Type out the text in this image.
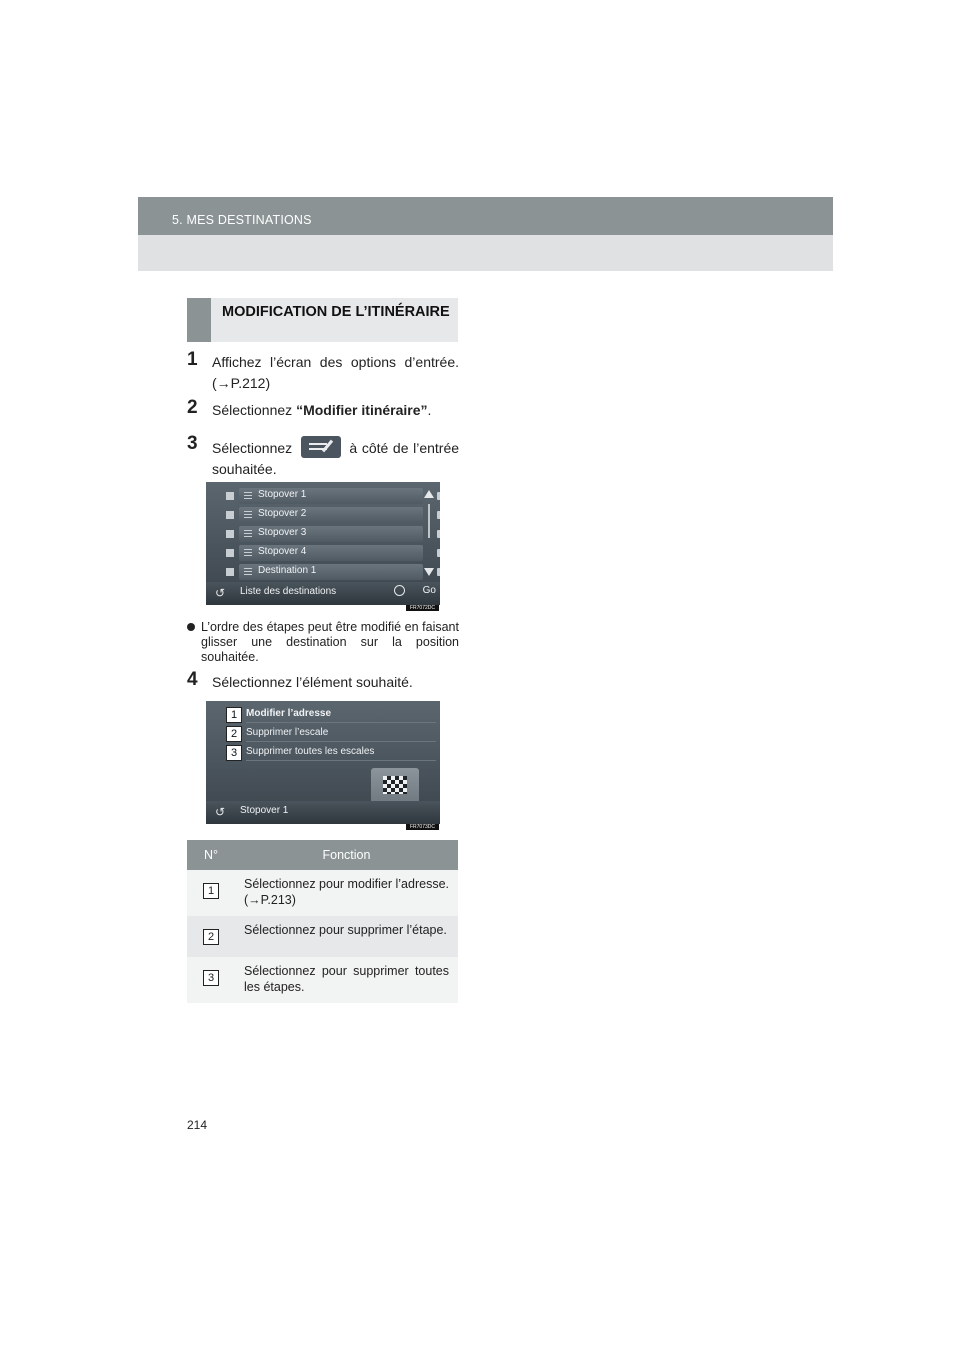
5. MES DESTINATIONS
MODIFICATION DE L’ITINÉRAIRE
1	Affichez l’écran des options d’entrée. (→P.212)
2	Sélectionnez “Modifier itinéraire”.
3	Sélectionnez	à côté de l’entrée souhaitée.
Stopover 1
Stopover 2
Stopover 3
Stopover 4
Destination 1
↺	Liste des destinations	Go
FR7072DC
L’ordre des étapes peut être modifié en faisant glisser une destination sur la position souhaitée.
4	Sélectionnez l’élément souhaité.
1 Modifier l’adresse
2 Supprimer l’escale
3 Supprimer toutes les escales
↺	Stopover 1
FR7073DC
N°	Fonction
1	Sélectionnez pour modifier l’adresse. (→P.213)
2	Sélectionnez pour supprimer l’étape.
3	Sélectionnez pour supprimer toutes les étapes.
214
